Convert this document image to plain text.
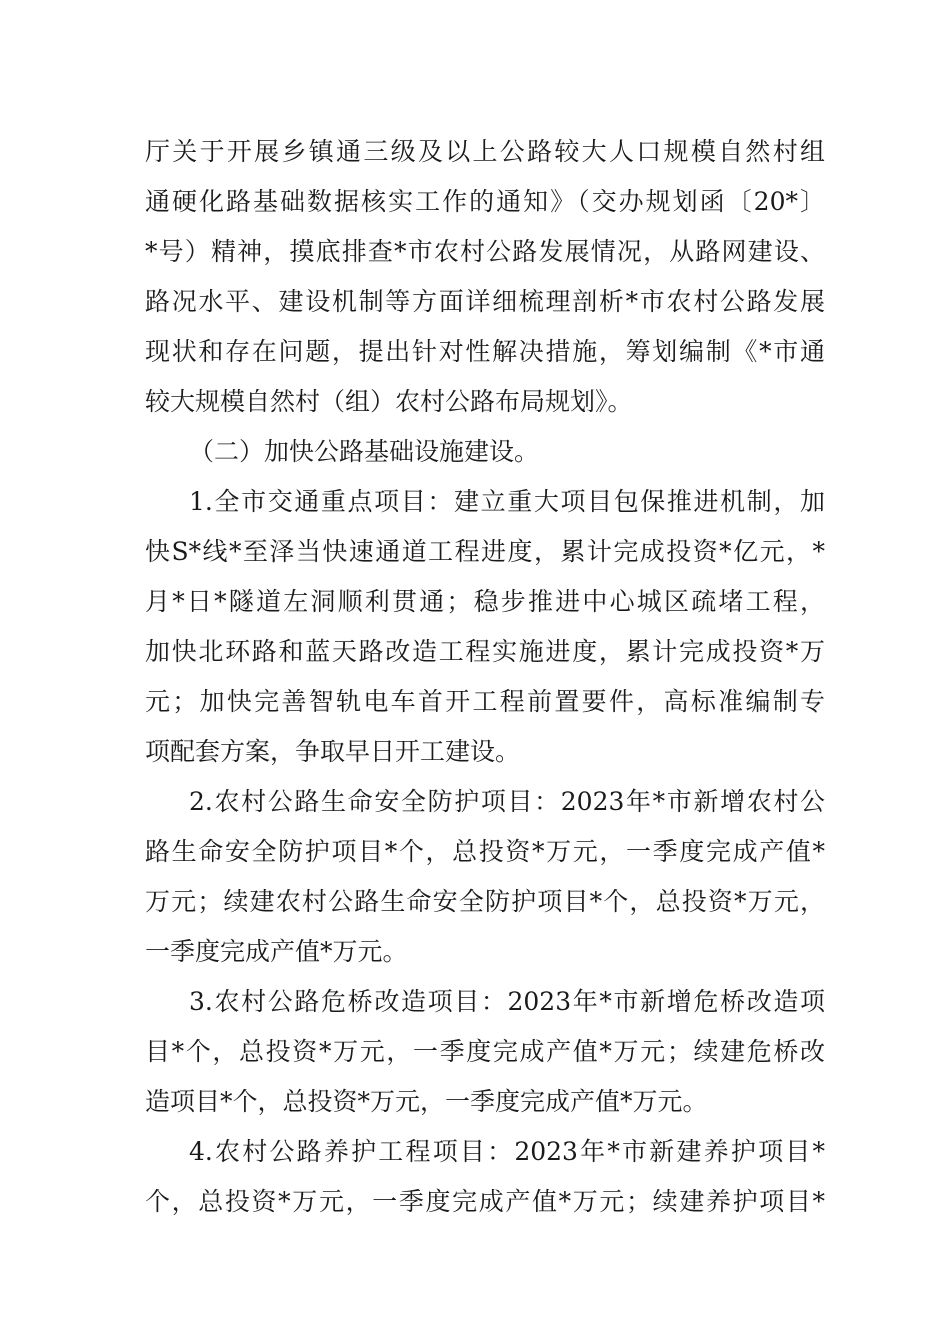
厅关于开展乡镇通三级及以上公路较大人口规模自然村组
通硬化路基础数据核实工作的通知》（交办规划函〔20*〕
*号）精神，摸底排查*市农村公路发展情况，从路网建设、
路况水平、建设机制等方面详细梳理剖析*市农村公路发展
现状和存在问题，提出针对性解决措施，筹划编制《*市通
较大规模自然村（组）农村公路布局规划》。
（二）加快公路基础设施建设。
1.全市交通重点项目：建立重大项目包保推进机制，加
快S*线*至泽当快速通道工程进度，累计完成投资*亿元，*
月*日*隧道左洞顺利贯通；稳步推进中心城区疏堵工程，
加快北环路和蓝天路改造工程实施进度，累计完成投资*万
元；加快完善智轨电车首开工程前置要件，高标准编制专
项配套方案，争取早日开工建设。
2.农村公路生命安全防护项目：2023年*市新增农村公
路生命安全防护项目*个，总投资*万元，一季度完成产值*
万元；续建农村公路生命安全防护项目*个，总投资*万元，
一季度完成产值*万元。
3.农村公路危桥改造项目：2023年*市新增危桥改造项
目*个，总投资*万元，一季度完成产值*万元；续建危桥改
造项目*个，总投资*万元，一季度完成产值*万元。
4.农村公路养护工程项目：2023年*市新建养护项目*
个，总投资*万元，一季度完成产值*万元；续建养护项目*
